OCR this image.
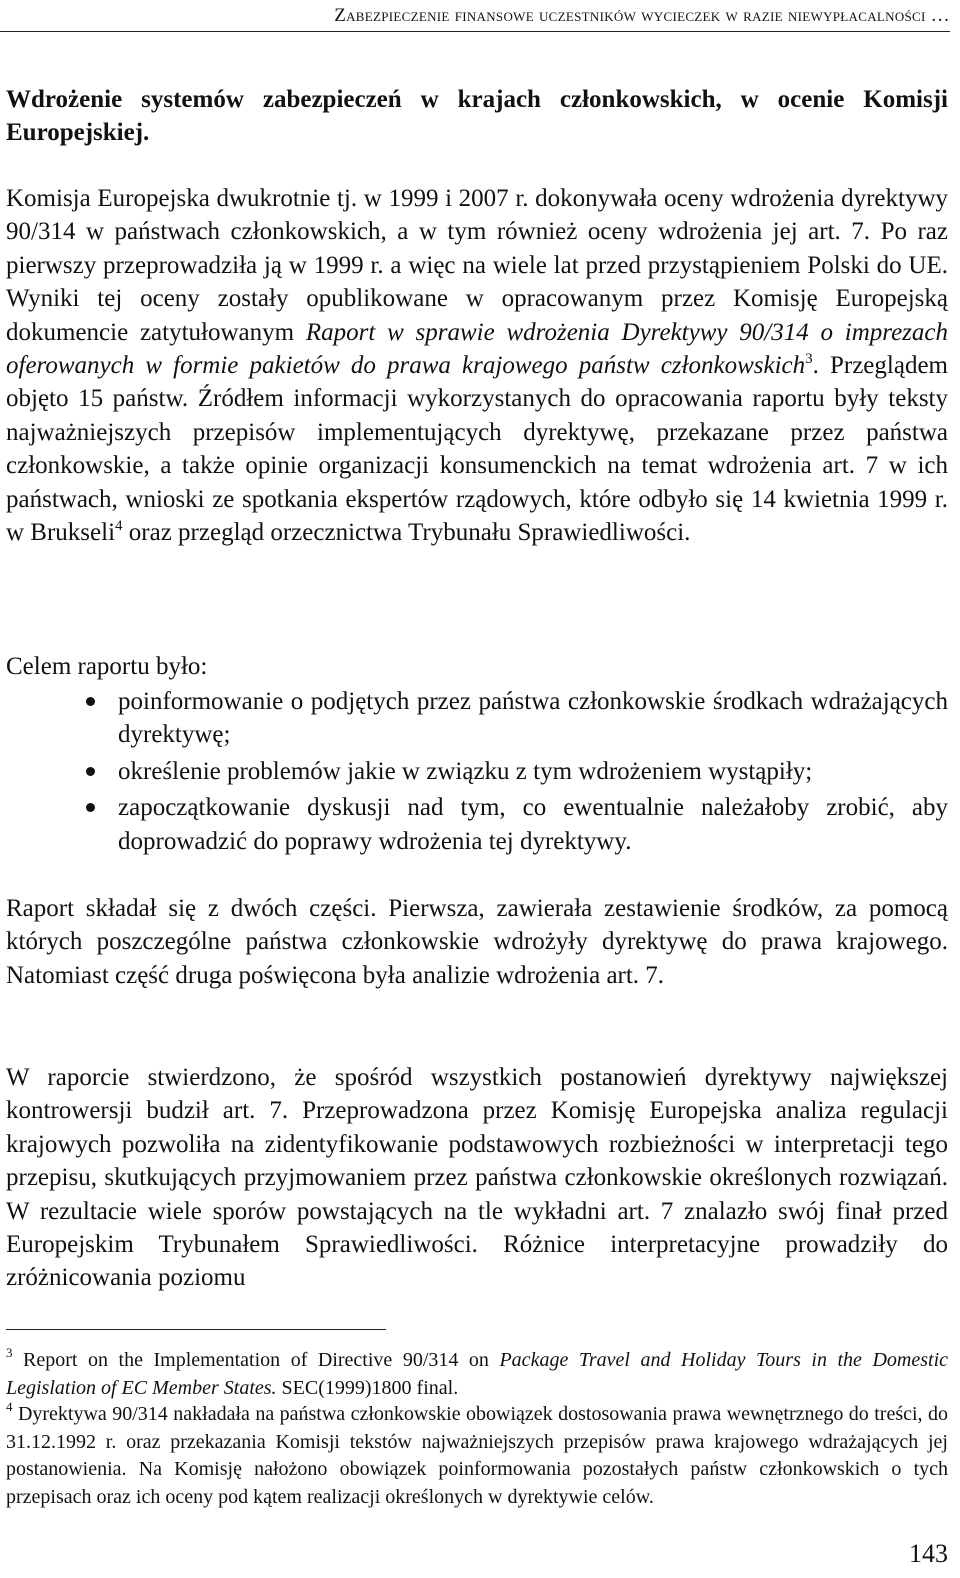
Zabezpieczenie finansowe uczestników wycieczek w razie niewypłacalności …

Wdrożenie systemów zabezpieczeń w krajach członkowskich, w ocenie Komisji Europejskiej.

Komisja Europejska dwukrotnie tj. w 1999 i 2007 r. dokonywała oceny wdrożenia dyrektywy 90/314 w państwach członkowskich, a w tym również oceny wdrożenia jej art. 7. Po raz pierwszy przeprowadziła ją w 1999 r. a więc na wiele lat przed przystąpieniem Polski do UE. Wyniki tej oceny zostały opublikowane w opracowanym przez Komisję Europejską dokumencie zatytułowanym Raport w sprawie wdrożenia Dyrektywy 90/314 o imprezach oferowanych w formie pakietów do prawa krajowego państw członkowskich$^3$. Przeglądem objęto 15 państw. Źródłem informacji wykorzystanych do opracowania raportu były teksty najważniejszych przepisów implementujących dyrektywę, przekazane przez państwa członkowskie, a także opinie organizacji konsumenckich na temat wdrożenia art. 7 w ich państwach, wnioski ze spotkania ekspertów rządowych, które odbyło się 14 kwietnia 1999 r. w Brukseli$^4$ oraz przegląd orzecznictwa Trybunału Sprawiedliwości.

Celem raportu było:

poinformowanie o podjętych przez państwa członkowskie środkach wdrażających dyrektywę;
określenie problemów jakie w związku z tym wdrożeniem wystąpiły;
zapoczątkowanie dyskusji nad tym, co ewentualnie należałoby zrobić, aby doprowadzić do poprawy wdrożenia tej dyrektywy.

Raport składał się z dwóch części. Pierwsza, zawierała zestawienie środków, za pomocą których poszczególne państwa członkowskie wdrożyły dyrektywę do prawa krajowego. Natomiast część druga poświęcona była analizie wdrożenia art. 7.

W raporcie stwierdzono, że spośród wszystkich postanowień dyrektywy największej kontrowersji budził art. 7. Przeprowadzona przez Komisję Europejska analiza regulacji krajowych pozwoliła na zidentyfikowanie podstawowych rozbieżności w interpretacji tego przepisu, skutkujących przyjmowaniem przez państwa członkowskie określonych rozwiązań. W rezultacie wiele sporów powstających na tle wykładni art. 7 znalazło swój finał przed Europejskim Trybunałem Sprawiedliwości. Różnice interpretacyjne prowadziły do zróżnicowania poziomu

$^3$ Report on the Implementation of Directive 90/314 on Package Travel and Holiday Tours in the Domestic Legislation of EC Member States. SEC(1999)1800 final.

$^4$ Dyrektywa 90/314 nakładała na państwa członkowskie obowiązek dostosowania prawa wewnętrznego do treści, do 31.12.1992 r. oraz przekazania Komisji tekstów najważniejszych przepisów prawa krajowego wdrażających jej postanowienia. Na Komisję nałożono obowiązek poinformowania pozostałych państw członkowskich o tych przepisach oraz ich oceny pod kątem realizacji określonych w dyrektywie celów.

143
